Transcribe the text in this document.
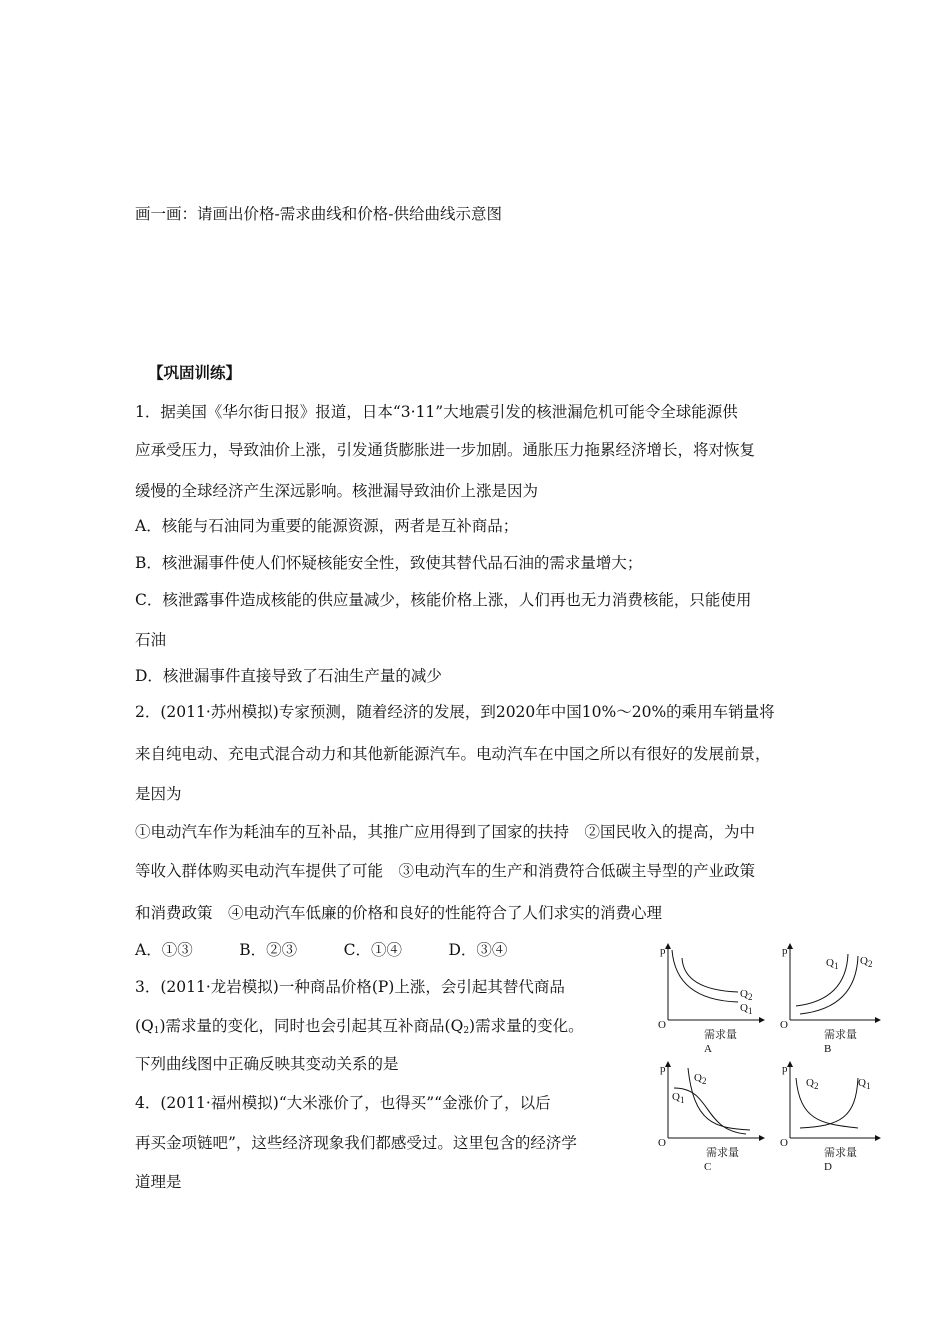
画一画：请画出价格-需求曲线和价格-供给曲线示意图
【巩固训练】
1．据美国《华尔街日报》报道，日本“3·11”大地震引发的核泄漏危机可能令全球能源供
应承受压力，导致油价上涨，引发通货膨胀进一步加剧。通胀压力拖累经济增长，将对恢复
缓慢的全球经济产生深远影响。核泄漏导致油价上涨是因为
A．核能与石油同为重要的能源资源，两者是互补商品；
B．核泄漏事件使人们怀疑核能安全性，致使其替代品石油的需求量增大；
C．核泄露事件造成核能的供应量减少，核能价格上涨，人们再也无力消费核能，只能使用
石油
D．核泄漏事件直接导致了石油生产量的减少
2．(2011·苏州模拟)专家预测，随着经济的发展，到2020年中国10%～20%的乘用车销量将
来自纯电动、充电式混合动力和其他新能源汽车。电动汽车在中国之所以有很好的发展前景，
是因为
①电动汽车作为耗油车的互补品，其推广应用得到了国家的扶持　②国民收入的提高，为中
等收入群体购买电动汽车提供了可能　③电动汽车的生产和消费符合低碳主导型的产业政策
和消费政策　④电动汽车低廉的价格和良好的性能符合了人们求实的消费心理
A．①③　　　B．②③　　　C．①④　　　D．③④
3．(2011·龙岩模拟)一种商品价格(P)上涨，会引起其替代商品
$(Q_1)$需求量的变化，同时也会引起其互补商品$(Q_2)$需求量的变化。
下列曲线图中正确反映其变动关系的是
4．(2011·福州模拟)“大米涨价了，也得买”“金涨价了，以后
再买金项链吧”，这些经济现象我们都感受过。这里包含的经济学
道理是
p
O
$Q_2$
$Q_1$
需求量
A
p
O
$Q_1$ $Q_2$
需求量
B
p
O
$Q_2$
$Q_1$
需求量
C
p
O
$Q_2$	$Q_1$
需求量
D
